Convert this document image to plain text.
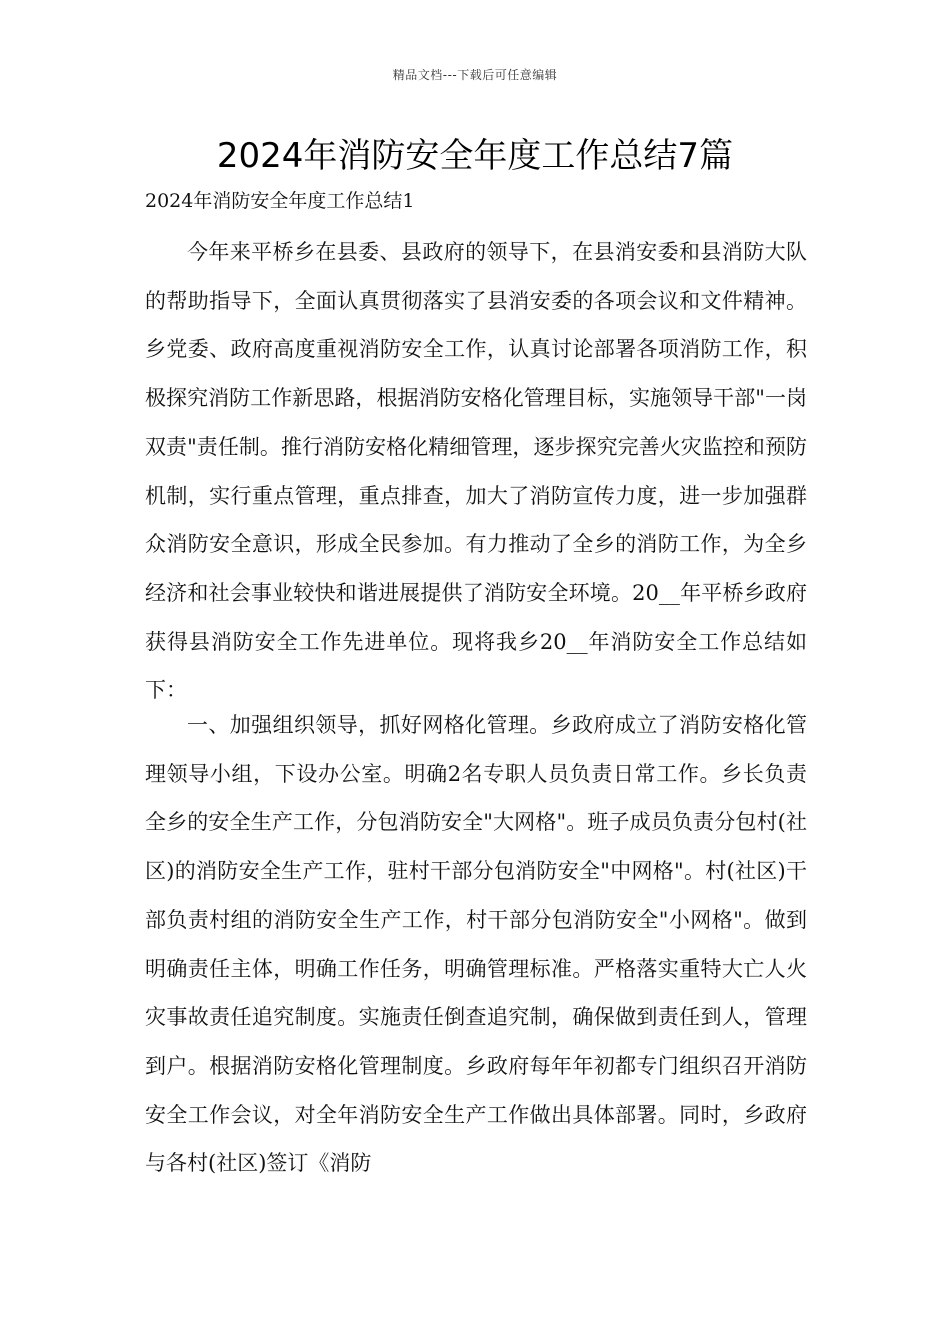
精品文档---下载后可任意编辑
2024年消防安全年度工作总结7篇

2024年消防安全年度工作总结1

今年来平桥乡在县委、县政府的领导下，在县消安委和县消防大队的帮助指导下，全面认真贯彻落实了县消安委的各项会议和文件精神。乡党委、政府高度重视消防安全工作，认真讨论部署各项消防工作，积极探究消防工作新思路，根据消防安格化管理目标，实施领导干部"一岗双责"责任制。推行消防安格化精细管理，逐步探究完善火灾监控和预防机制，实行重点管理，重点排查，加大了消防宣传力度，进一步加强群众消防安全意识，形成全民参加。有力推动了全乡的消防工作，为全乡经济和社会事业较快和谐进展提供了消防安全环境。20__年平桥乡政府获得县消防安全工作先进单位。现将我乡20__年消防安全工作总结如下：

一、加强组织领导，抓好网格化管理。乡政府成立了消防安格化管理领导小组，下设办公室。明确2名专职人员负责日常工作。乡长负责全乡的安全生产工作，分包消防安全"大网格"。班子成员负责分包村(社区)的消防安全生产工作，驻村干部分包消防安全"中网格"。村(社区)干部负责村组的消防安全生产工作，村干部分包消防安全"小网格"。做到明确责任主体，明确工作任务，明确管理标准。严格落实重特大亡人火灾事故责任追究制度。实施责任倒查追究制，确保做到责任到人，管理到户。根据消防安格化管理制度。乡政府每年年初都专门组织召开消防安全工作会议，对全年消防安全生产工作做出具体部署。同时，乡政府与各村(社区)签订《消防
